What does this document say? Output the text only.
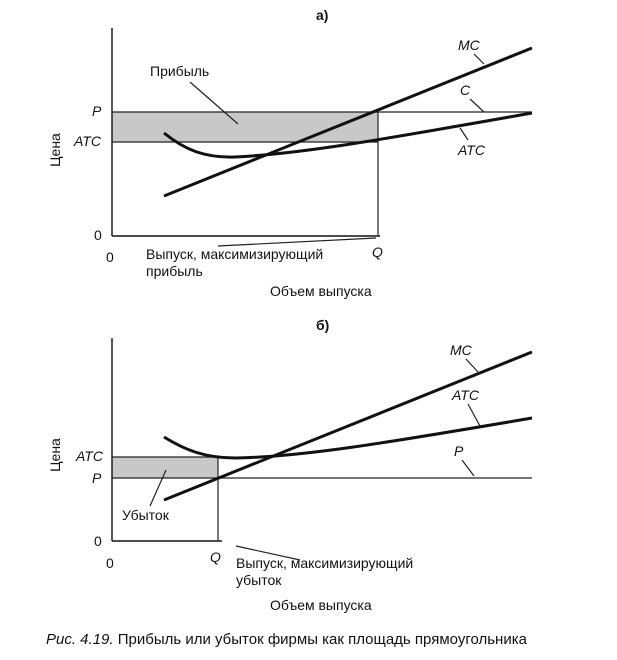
а)
P
ATC
0
0	Q
Цена
MC
C
ATC
Прибыль
Выпуск, максимизирующий
прибыль
Объем выпуска
б)
ATC
P
0
0	Q
Цена
MC
ATC
P
Убыток
Выпуск, максимизирующий
убыток
Объем выпуска
Рис. 4.19. Прибыль или убыток фирмы как площадь прямоугольника
